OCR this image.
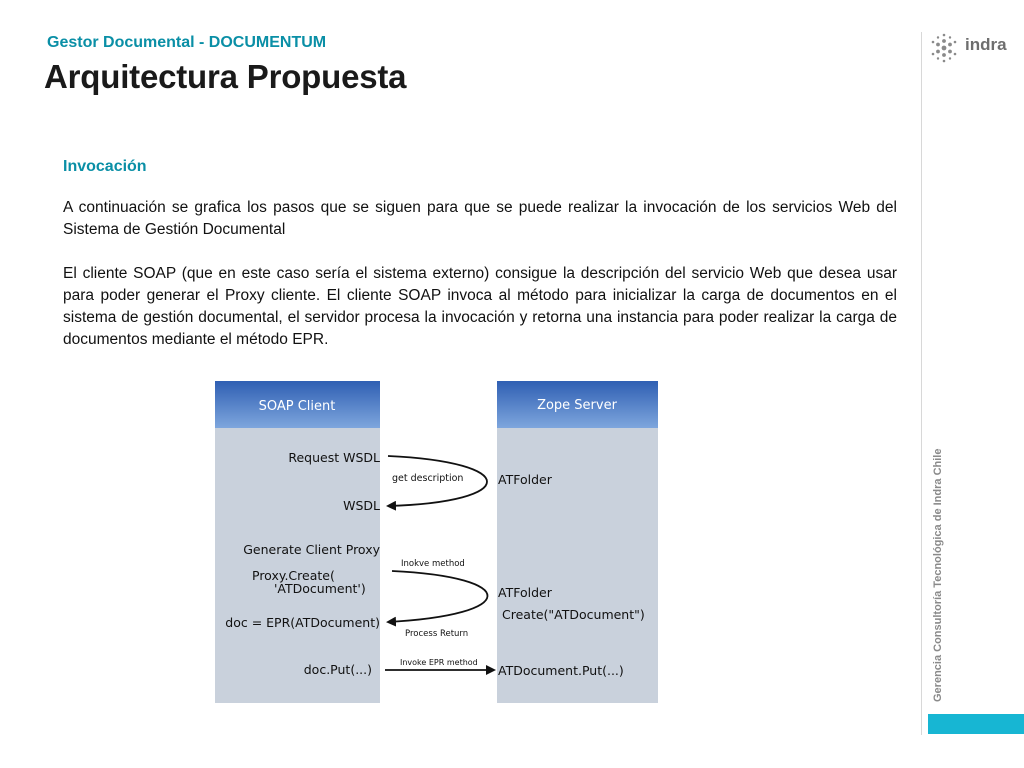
Gestor Documental - DOCUMENTUM
Arquitectura Propuesta
indra
Gerencia Consultoría Tecnológica de Indra Chile
Invocación

A continuación se grafica los pasos que se siguen para que se puede realizar la invocación de los servicios Web del Sistema de Gestión Documental

El cliente SOAP (que en este caso sería el sistema externo) consigue la descripción del servicio Web que desea usar para poder generar el Proxy cliente. El cliente SOAP invoca al método para inicializar la carga de documentos en el sistema de gestión documental, el servidor procesa la invocación y retorna una instancia para poder realizar la carga de documentos mediante el método EPR.

SOAP Client	Zope Server
Request WSDL
WSDL
Generate Client Proxy
Proxy.Create(
'ATDocument')
doc = EPR(ATDocument)
doc.Put(...)
ATFolder
ATFolder
Create("ATDocument")
ATDocument.Put(...)
get description
Inokve method
Process Return
Invoke EPR method
